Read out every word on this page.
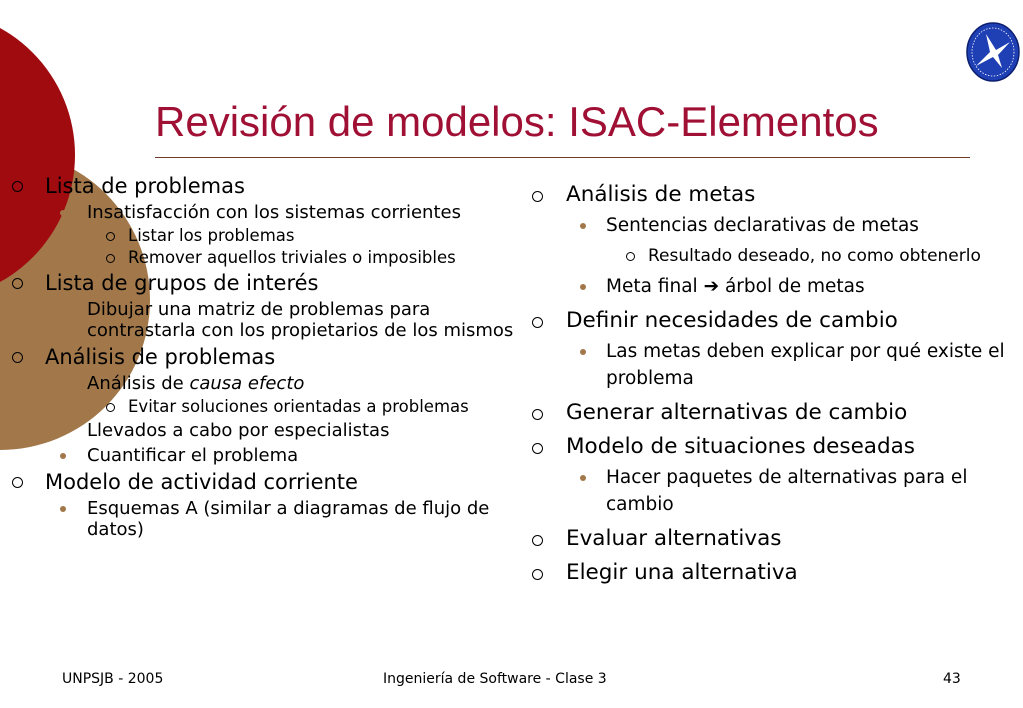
Revisión de modelos: ISAC-Elementos
Lista de problemas
Insatisfacción con los sistemas corrientes
Listar los problemas
Remover aquellos triviales o imposibles
Lista de grupos de interés
Dibujar una matriz de problemas para contrastarla con los propietarios de los mismos
Análisis de problemas
Análisis de causa efecto
Evitar soluciones orientadas a problemas
Llevados a cabo por especialistas
Cuantificar el problema
Modelo de actividad corriente
Esquemas A (similar a diagramas de flujo de datos)
Análisis de metas
Sentencias declarativas de metas
Resultado deseado, no como obtenerlo
Meta final ➔ árbol de metas
Definir necesidades de cambio
Las metas deben explicar por qué existe el problema
Generar alternativas de cambio
Modelo de situaciones deseadas
Hacer paquetes de alternativas para el cambio
Evaluar alternativas
Elegir una alternativa
UNPSJB - 2005	Ingeniería de Software - Clase 3	43
